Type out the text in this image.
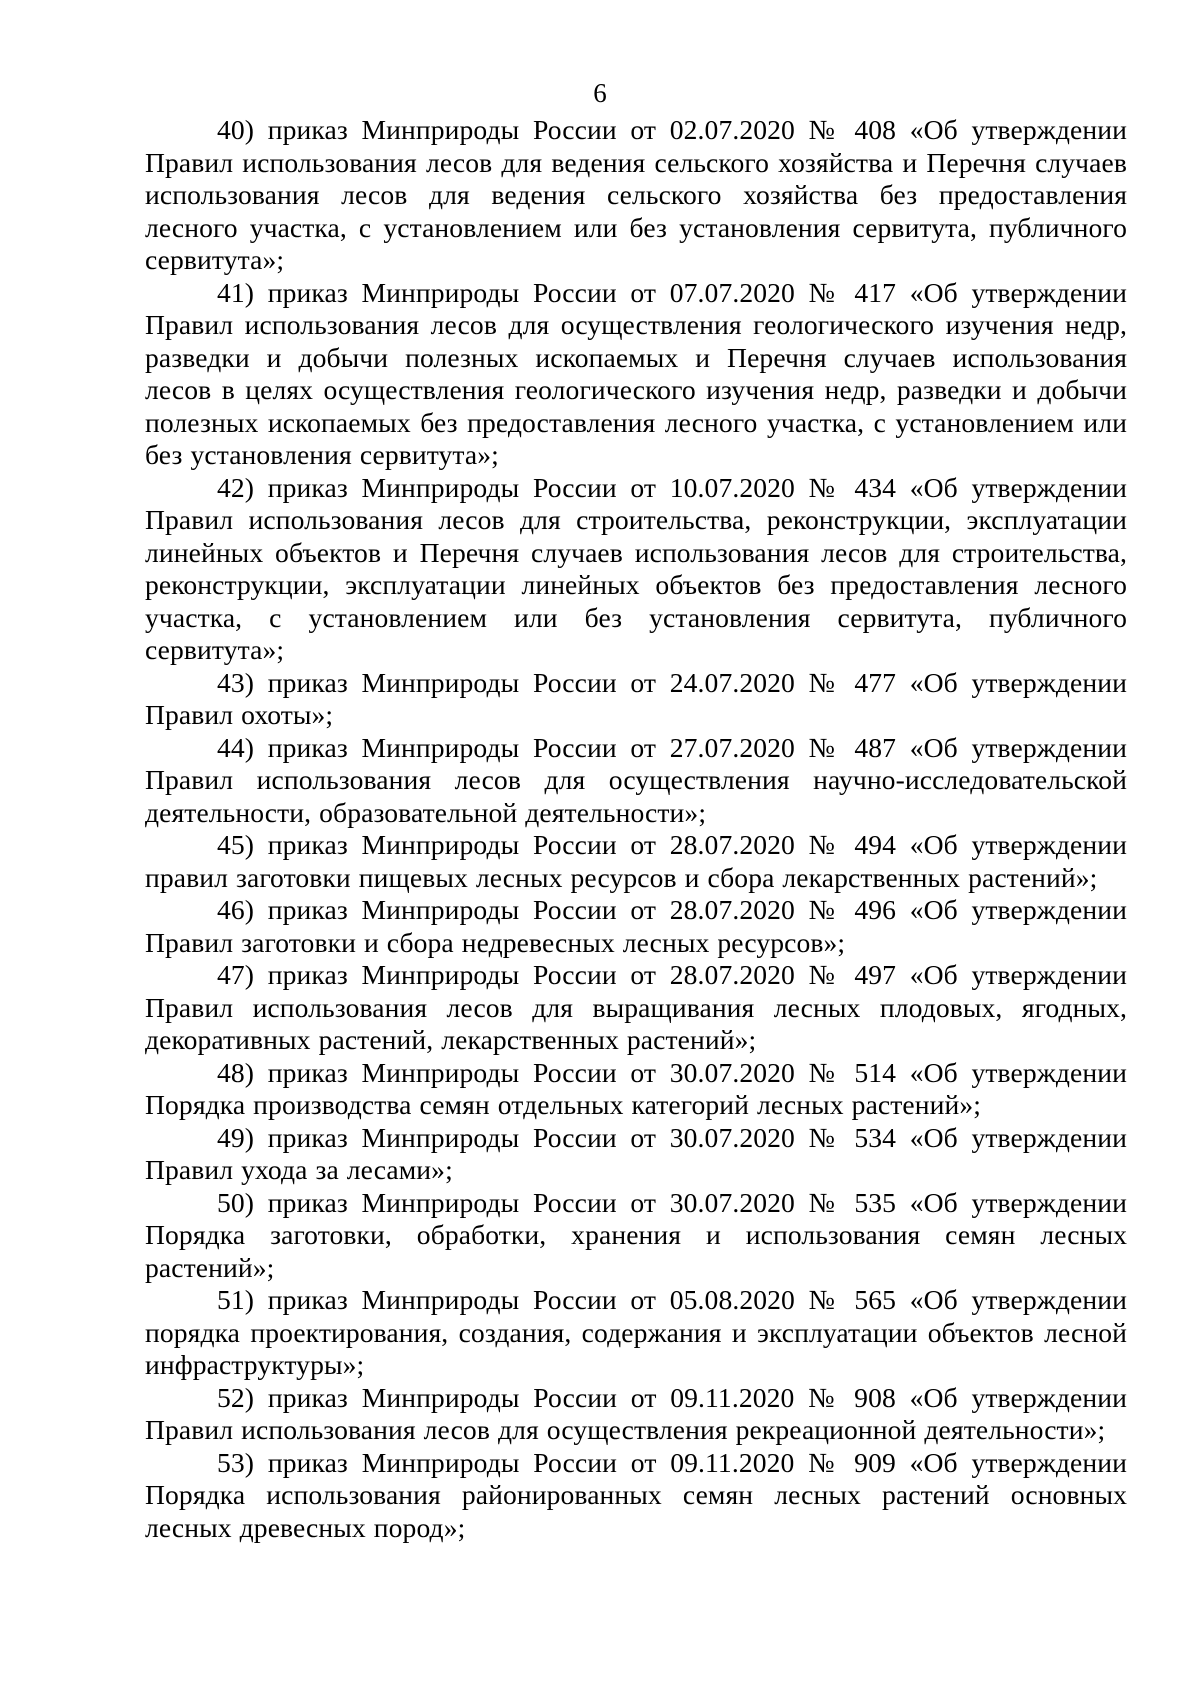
6

40) приказ Минприроды России от 02.07.2020 № 408 «Об утверждении Правил использования лесов для ведения сельского хозяйства и Перечня случаев использования лесов для ведения сельского хозяйства без предоставления лесного участка, с установлением или без установления сервитута, публичного сервитута»;

41) приказ Минприроды России от 07.07.2020 № 417 «Об утверждении Правил использования лесов для осуществления геологического изучения недр, разведки и добычи полезных ископаемых и Перечня случаев использования лесов в целях осуществления геологического изучения недр, разведки и добычи полезных ископаемых без предоставления лесного участка, с установлением или без установления сервитута»;

42) приказ Минприроды России от 10.07.2020 № 434 «Об утверждении Правил использования лесов для строительства, реконструкции, эксплуатации линейных объектов и Перечня случаев использования лесов для строительства, реконструкции, эксплуатации линейных объектов без предоставления лесного участка, с установлением или без установления сервитута, публичного сервитута»;

43) приказ Минприроды России от 24.07.2020 № 477 «Об утверждении Правил охоты»;

44) приказ Минприроды России от 27.07.2020 № 487 «Об утверждении Правил использования лесов для осуществления научно-исследовательской деятельности, образовательной деятельности»;

45) приказ Минприроды России от 28.07.2020 № 494 «Об утверждении правил заготовки пищевых лесных ресурсов и сбора лекарственных растений»;

46) приказ Минприроды России от 28.07.2020 № 496 «Об утверждении Правил заготовки и сбора недревесных лесных ресурсов»;

47) приказ Минприроды России от 28.07.2020 № 497 «Об утверждении Правил использования лесов для выращивания лесных плодовых, ягодных, декоративных растений, лекарственных растений»;

48) приказ Минприроды России от 30.07.2020 № 514 «Об утверждении Порядка производства семян отдельных категорий лесных растений»;

49) приказ Минприроды России от 30.07.2020 № 534 «Об утверждении Правил ухода за лесами»;

50) приказ Минприроды России от 30.07.2020 № 535 «Об утверждении Порядка заготовки, обработки, хранения и использования семян лесных растений»;

51) приказ Минприроды России от 05.08.2020 № 565 «Об утверждении порядка проектирования, создания, содержания и эксплуатации объектов лесной инфраструктуры»;

52) приказ Минприроды России от 09.11.2020 № 908 «Об утверждении Правил использования лесов для осуществления рекреационной деятельности»;

53) приказ Минприроды России от 09.11.2020 № 909 «Об утверждении Порядка использования районированных семян лесных растений основных лесных древесных пород»;
